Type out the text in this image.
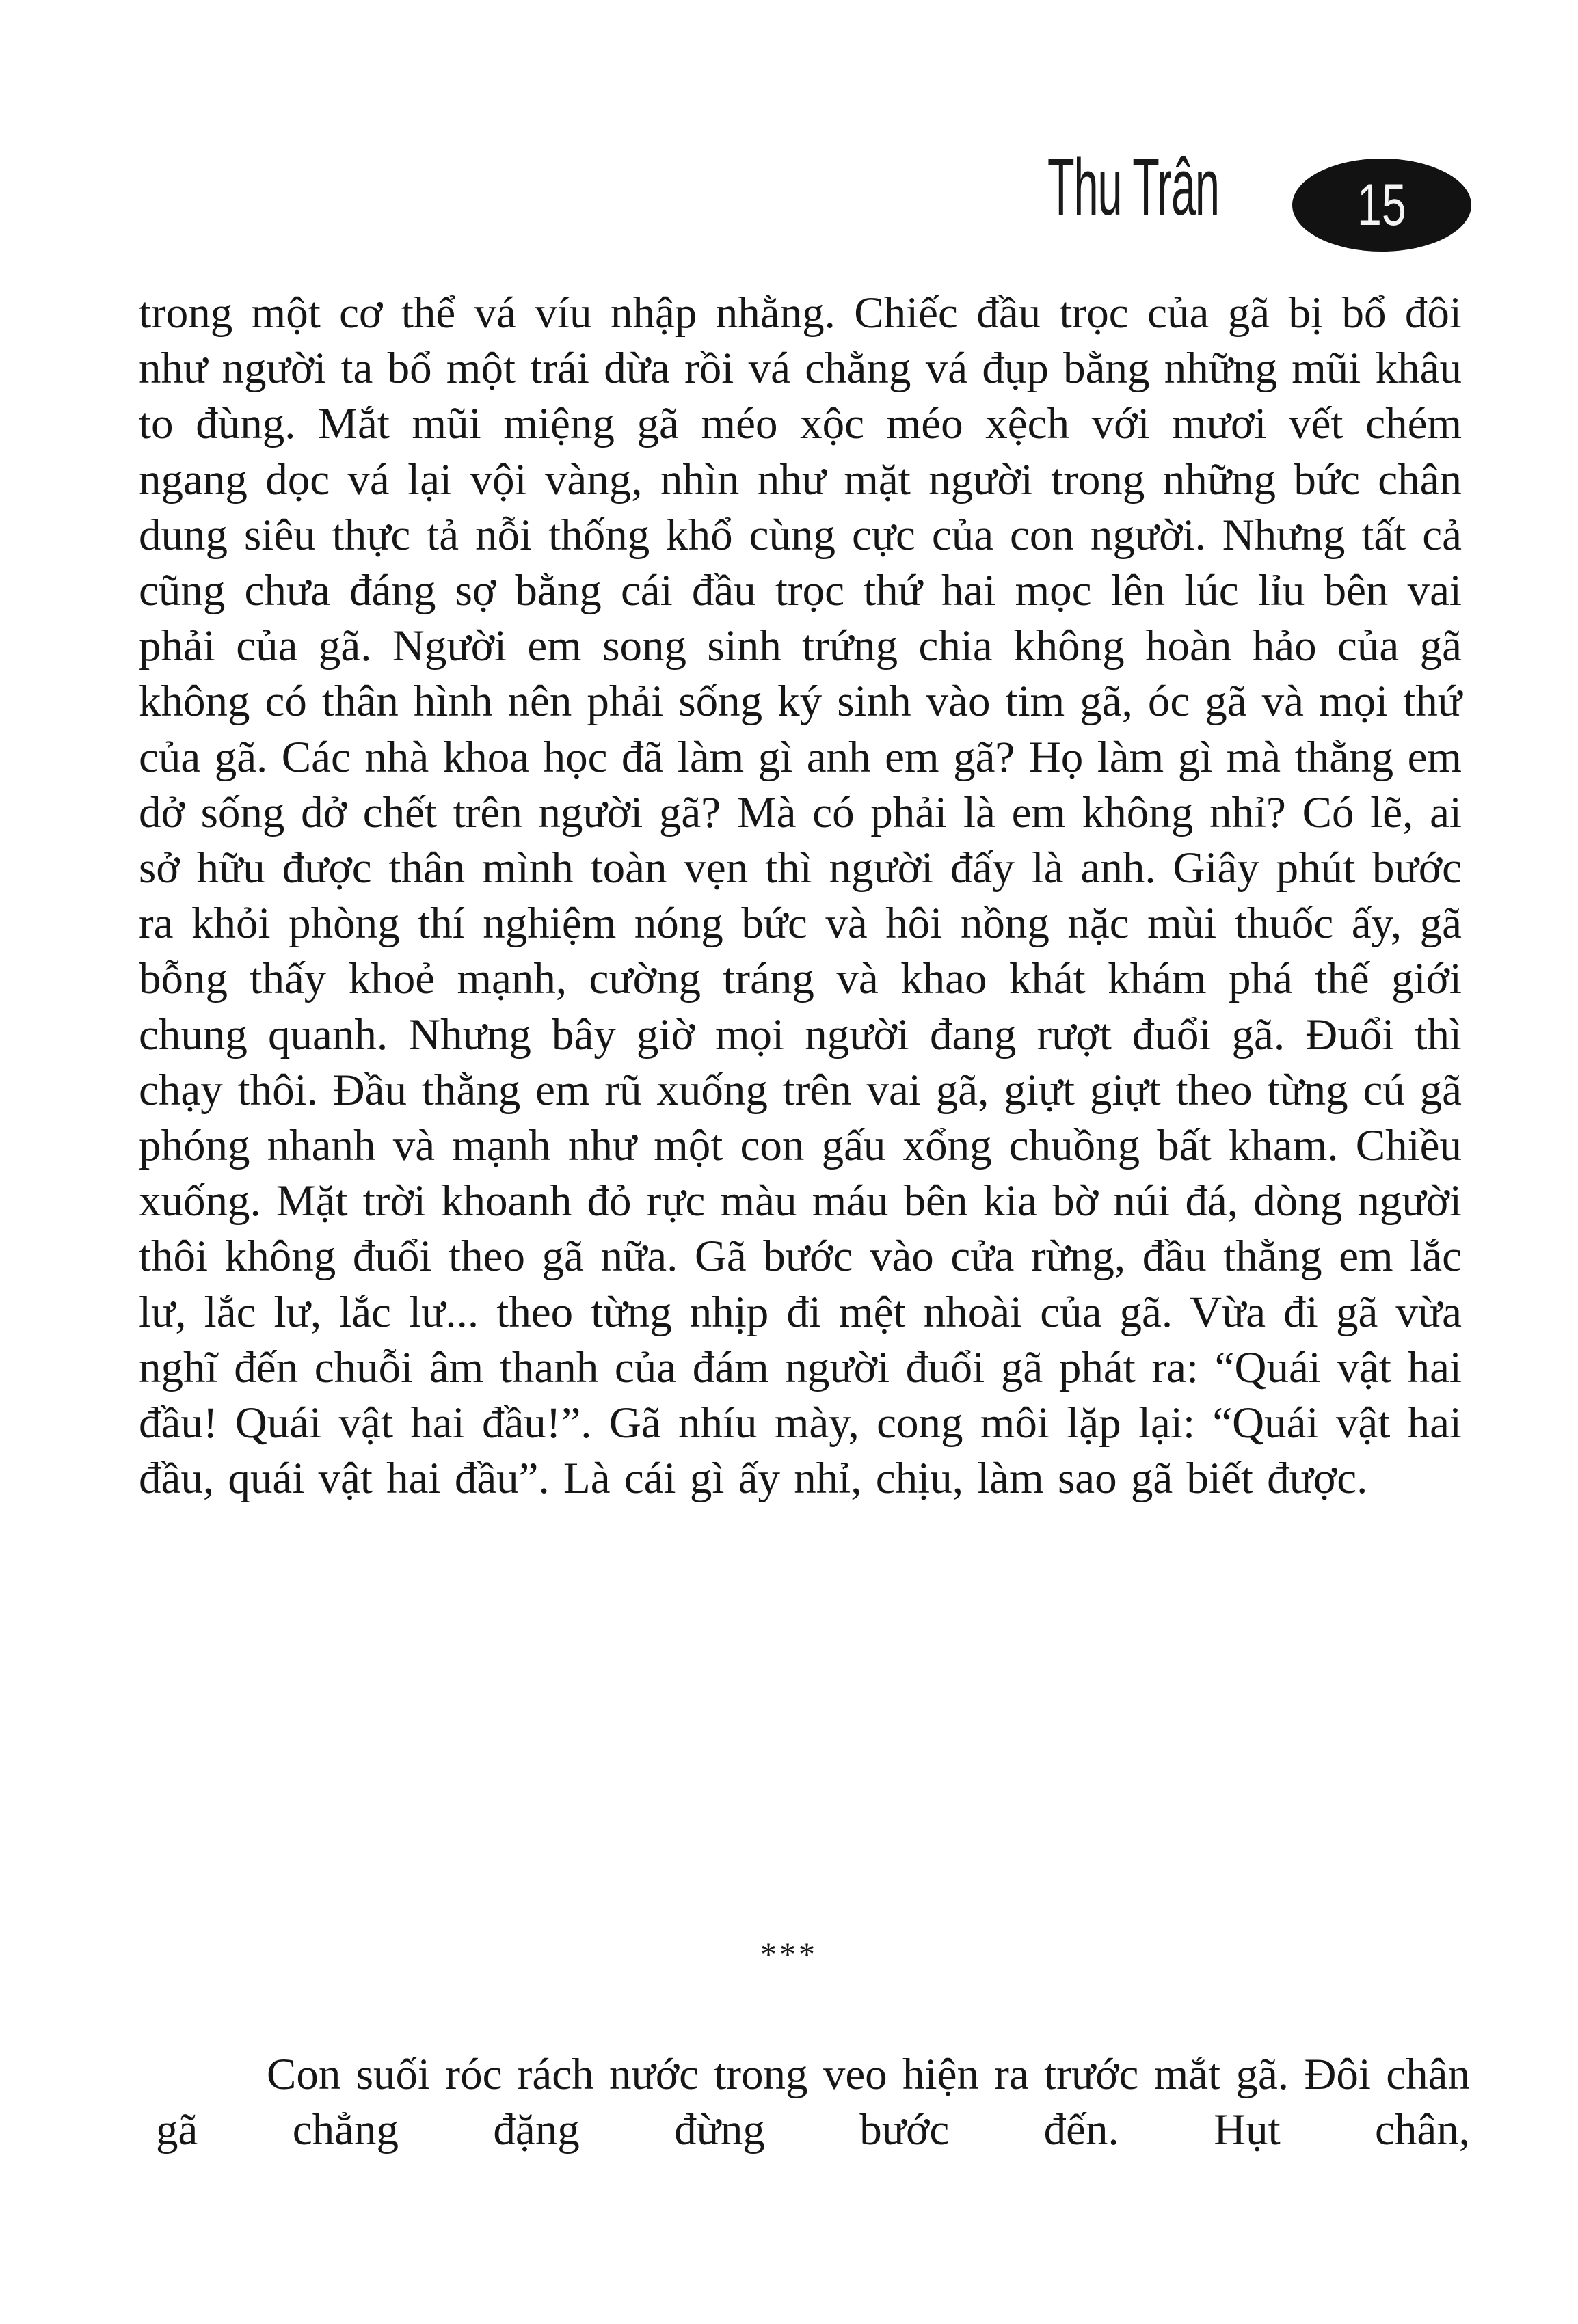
Thu Trân 15

trong một cơ thể vá víu nhập nhằng. Chiếc đầu trọc của gã bị bổ đôi như người ta bổ một trái dừa rồi vá chằng vá đụp bằng những mũi khâu to đùng. Mắt mũi miệng gã méo xộc méo xệch với mươi vết chém ngang dọc vá lại vội vàng, nhìn như mặt người trong những bức chân dung siêu thực tả nỗi thống khổ cùng cực của con người. Nhưng tất cả cũng chưa đáng sợ bằng cái đầu trọc thứ hai mọc lên lúc lỉu bên vai phải của gã. Người em song sinh trứng chia không hoàn hảo của gã không có thân hình nên phải sống ký sinh vào tim gã, óc gã và mọi thứ của gã. Các nhà khoa học đã làm gì anh em gã? Họ làm gì mà thằng em dở sống dở chết trên người gã? Mà có phải là em không nhỉ? Có lẽ, ai sở hữu được thân mình toàn vẹn thì người đấy là anh. Giây phút bước ra khỏi phòng thí nghiệm nóng bức và hôi nồng nặc mùi thuốc ấy, gã bỗng thấy khoẻ mạnh, cường tráng và khao khát khám phá thế giới chung quanh. Nhưng bây giờ mọi người đang rượt đuổi gã. Đuổi thì chạy thôi. Đầu thằng em rũ xuống trên vai gã, giựt giựt theo từng cú gã phóng nhanh và mạnh như một con gấu xổng chuồng bất kham. Chiều xuống. Mặt trời khoanh đỏ rực màu máu bên kia bờ núi đá, dòng người thôi không đuổi theo gã nữa. Gã bước vào cửa rừng, đầu thằng em lắc lư, lắc lư, lắc lư... theo từng nhịp đi mệt nhoài của gã. Vừa đi gã vừa nghĩ đến chuỗi âm thanh của đám người đuổi gã phát ra: “Quái vật hai đầu! Quái vật hai đầu!”. Gã nhíu mày, cong môi lặp lại: “Quái vật hai đầu, quái vật hai đầu”. Là cái gì ấy nhỉ, chịu, làm sao gã biết được.

***

Con suối róc rách nước trong veo hiện ra trước mắt gã. Đôi chân gã chẳng đặng đừng bước đến. Hụt chân,
